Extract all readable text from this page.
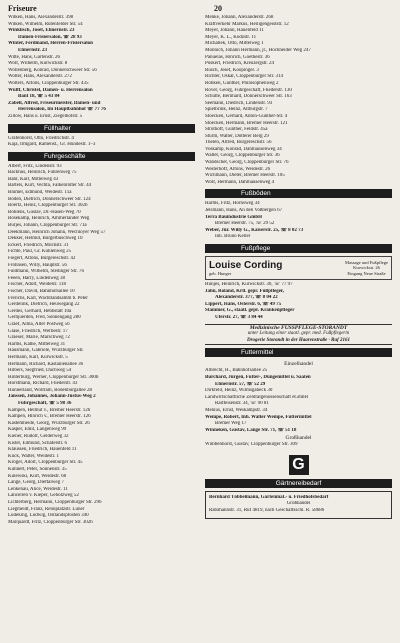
Friseure	20
Wilken, Hans, Alexanderstr. 398
Wilken, Wilhelm, Rutenfelder Str. 54
Winklisch, Josef, Ehnernstr. 23
Damen-Frisiersalon, ☏ 28 93
Winter, Ferdinand, Herren-Frisiersalon
Ehnernstr. 23
Witte, Hans, Gartenstr. 26
Wolf, Wilhelm, Kurwickstr. 8
Wollenberg, Konrad, Donnerschweer Str. 56
Wolter, Hans, Alexanderstr. 272
Wolters, Alfons, Cloppenburger Str. 435
Wulff, Christel, Damen- u. Herrensalon
Bant 18, ☏ 5 43 84
Zabell, Alfred, Friseurmeister, Damen- und
Herrensalon, Im Hauptbahnhof ☏ 77 76
Zillow, Hans u. Ernst, Ziegelhofstr. 5
Füllhalter
Grafenhorst, Otto, Friedrichstr. 4
Kaja, Irmgard, Ramenst., Gr. Hundestr. 1–3
Fuhrgeschäfte
Albert, Fritz, Lindenstr. 93
Backhus, Heinrich, Fuhrenweg 75
Bahr, Karl, Mittelweg 43
Bartels, Kurt, Vechta, Falkenrotter Str. 44
Blümel, Edmund, Weidestr. 11a
Boden, Dietrich, Donnerschweer Str. 124
Boertz, Heinz, Cloppenburger Str. 302b
Bohlens, Gustav, Dr.-Hasen-Weg 70
Bösekamp, Heinrich, Ammerländer Weg
Burjes, Johann, Cloppenburger Str. 71a
Deekmann, Heinrich Johann, Wechloyer Weg 57
Dekker, Helmut, Burgerbuschweg 10
Eckert, Friedrich, Milchstr. 31
Fichte, Paul, Gr. Kuhlenweg 25
Fiegert, Alfons, Bürgereschstr. 42
Frohnsen, Willy, Hauptstr. 56
Fuldmann, Wilhelm, Stedinger Str. 76
Feeen, Harry, Lindenweg 38
Fischer, Adolf, Weidestr. 118
Fischer, David, Bahnhofsallee 10
Frerichs, Karl, Wachtlandsamm b. Peter
Gerdelink, Dietrich, Heuwegang 22
Gerdes, Gerhard, Hebbstatt 10a
Gerhjuerden, Fred, Sonnengang 280
Graef, Alma, Alter Postweg 56
Glase, Friedrich, Werbestr. 17
Graeser, Marie, Marschweg 72
Harms, Kathe, Mittelweg 31
Hausmann, Gabriele, Würzburger Str.
Hermann, Karl, Kurwickstr. 5
Hermann, Richard, Kastanienallee 36
Hilbers, Siegfried, Dachweg 54
Hinterburg, Werner, Cloppenburger Str. 300b
Horstmann, Richard, Fliederstr. 43
Hunnerland, Wolfram, Bodenburgallee 28
Janssen, Johannes, Johann-Justus-Weg 2
Fuhrgeschäft, ☏ 5 98 36
Kampen, Helmut v., Bremer Heerstr. 126
Kampen, Hinrich v., Bremer Heerstr. 126
Kastemheide, Georg, Würzburger Str. 26
Kasper, Emil, Langenweg 99
Kiener, Rudolf, Gelderweg 32
Kister, Edmund, Schäferstr. 6
Klaussen, Friedrich, Hauenfeld 11
Kuck, Walter, Weidestr. 1
Kröger, Adolf, Cloppenburger Str. 45
Kuhnert, Peter, Sonnenstr. 35
Kulewski, Kurt, Weidestr. 68
Lange, Georg, Dieftalweg 7
Lenkenau, Alice, Weidestr. 11
Lancelren v. Kieper, Geholzweg 52
Lichterberg, Hermann, Cloppenburger Str. 296
Liegmeidt, Franz, Rennplatzstr. Luner
Lüdeking, Ludwig, Ostlandspfosten 340
Marquardt, Fritz, Cloppenburger Str. 302b
Menke, Johann, Alexanderstr. 268
Kraftverkehr Markus, Heiligengeiststr. 12
Meyer, Johann, Hauenfeld 11
Meyer, K. L., Kodzstr. 11
Michallek, Otto, Mittelweg 1
Mönnich, Johann Hermann, jr., Hochheider Weg 247
Panuelas, Hinrich, Goethestr. 36
Poskert, Friedrich, Kreuzergstr. 24
Rusch, Josef, Koopinger. 3
Richter, Oskar, Cloppenburger Str. 314
Röbken, Günther, Philosophenweg 2
Röver, Georg, Fuhrgeschäft, Fliederstr. 130
Schütte, Bernhard, Donnerschweer Str. 163
Seemann, Diedrich, Lindenstr. 93
Spielbrink, Heinz, Altburgstr. 7
Stoecken, Gerhard, Anton-Günther-Str. 4
Stoecken, Hermann, Bremer Heerstr. 121
Strothoff, Günther, Feldstr. 45a
Sturm, Walter, Dotterer Berg 29
Thelen, Alfred, Bürgereschstr. 56
Voskamp, Konrad, Dählhausenweg 34
Walter, Georg, Cloppenburger Str. 36
Wandscher, Georg, Cloppenburger Str. 76
Westerhoff, Alfons, Weidestr. 26
Wichmann, Dieter, Bremer Heerstr. 105
Wolf, Hermann, Dählhausenweg 4
Fußböden
Harms, Fritz, Hornsweg 34
Jelsmann, Hans, An den Voßbergen 67
Terra Bauindustrie GmbH
Bremer Heerstr. 75, ☏ 29 52
Weber, Jür. Willy G., Kaiserstr. 25, ☏ 8 02 73
Inh. Bruno Keller
Fußpflege
Louise Cording
geb. Hunger
Massage und Fußpflege
Kurwickstr. 26
Eingang Neue Straße
Hunjes, Heinrich, Kurwickstr. 30, ☏ 77 97
Jahn, Roland, Krtl. gepr. Fußpfleger,
Alexanderstr. 377, ☏ 8 04 22
Lippert, Hans, Osterstr. 6, ☏ 49 75
Stammer, G., staatl. gepr. Krankenpfleger
Uferstr. 27, ☏ 3 84 44
Medizinische FUSSPFLEGE-STORANDT
unter Leitung einer staatl. gepr. med. Fußpflegerin
Drogerie Storandt in der Haarenstraße · Ruf 2161
Futtermittel
Einzelhandel
Albrecht, H., Bahnhofsallee 25
Burchard, Jürgen, Futter-, Düngemittel u. Saaten
Ehnernstr. 57, ☏ 52 29
Dirkfeld, Heinz, Wilmsgabeck 30
Landwirtschaftliche Zentralgenossenschaft eGmbH
Raiffeisenstr. 34, ☏ 90 81
Menius, Ernst, Weskampstr. 34
Wempe, Robert, Inh. Walter Wempe, Futtermittel
Bremer Weg 17
Winneken, Gustav, Lange Str. 71, ☏ 51 18
Großhandel
Wübbenhorst, Gustav, Cloppenburger Str. 309
G
Gärtnereibedarf
Bernhard Többelmann, Gartenmat.- u. Friedhofsbedarf
Großhandel
Ratsmannstr. 31, Ruf 4819, nach Geschäftsschl. R. 58686
